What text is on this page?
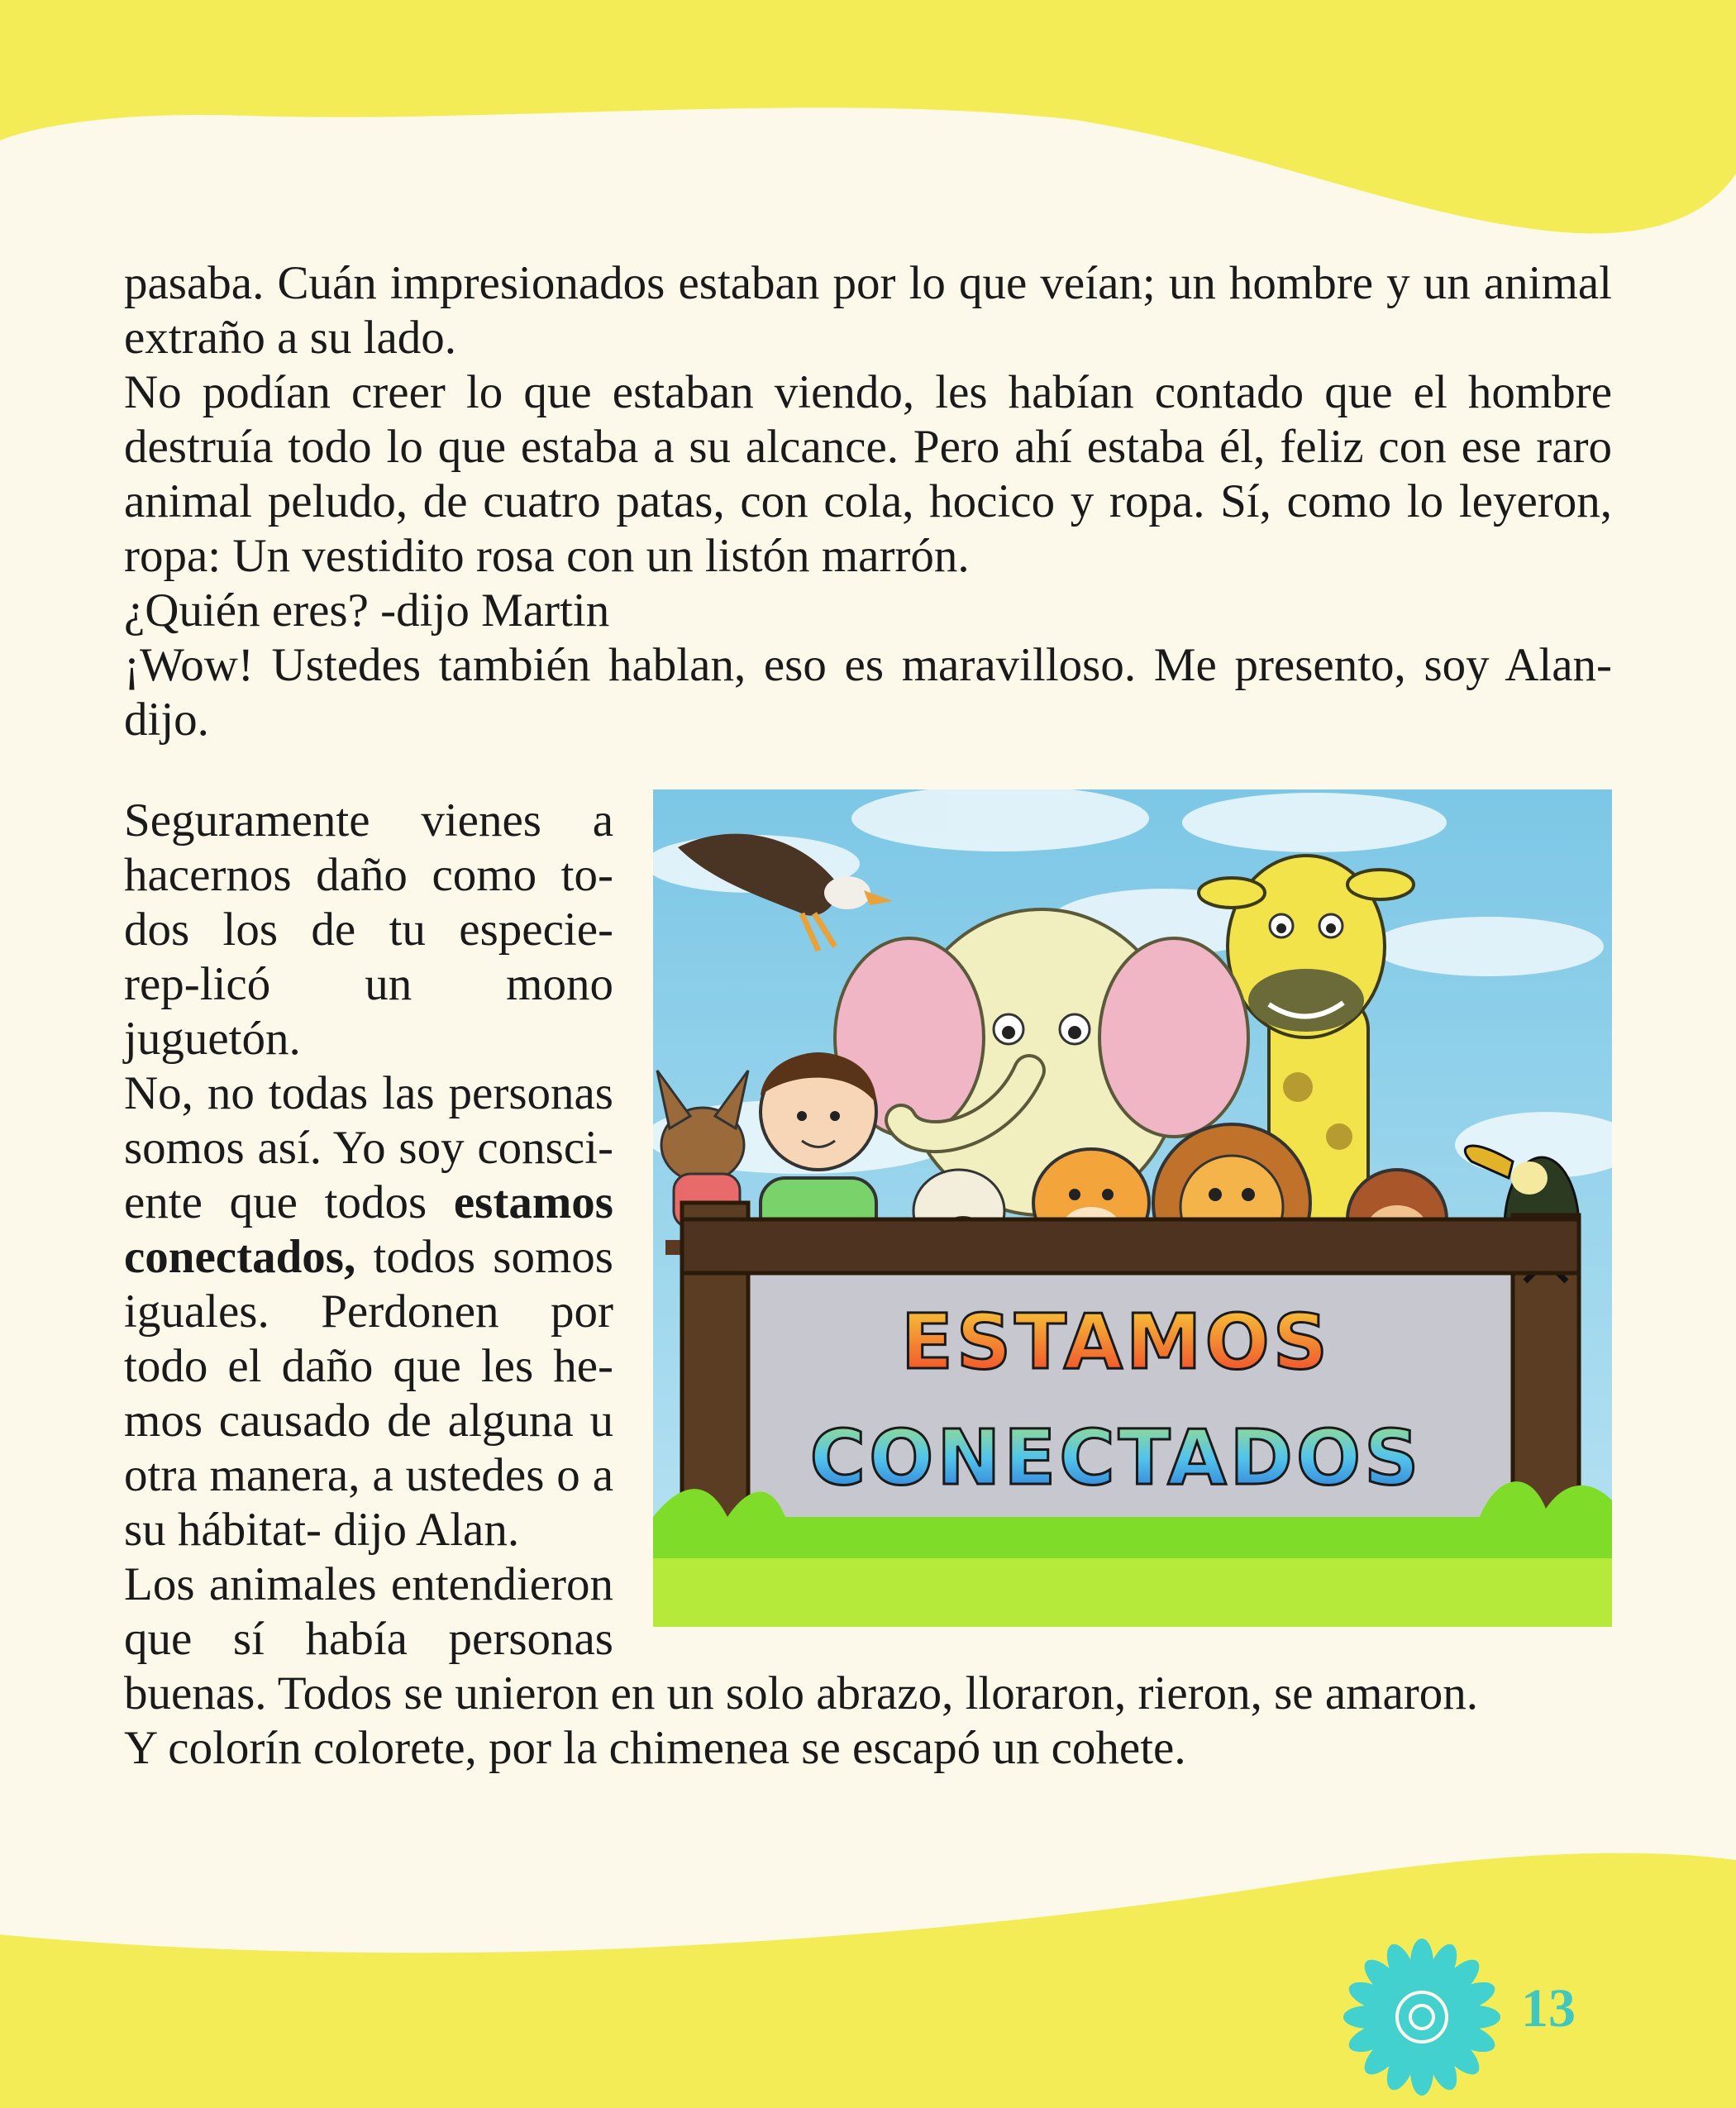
pasaba. Cuán impresionados estaban por lo que veían; un hombre y un animal extraño a su lado.

No podían creer lo que estaban viendo, les habían contado que el hombre destruía todo lo que estaba a su alcance. Pero ahí estaba él, feliz con ese raro animal peludo, de cuatro patas, con cola, hocico y ropa. Sí, como lo leyeron, ropa: Un vestidito rosa con un listón marrón.

¿Quién eres? -dijo Martin

¡Wow! Ustedes también hablan, eso es maravilloso. Me presento, soy Alan-dijo.

Seguramente vienes a hacernos daño como to-dos los de tu especie- rep-licó un mono juguetón.

No, no todas las personas somos así. Yo soy consci-ente que todos estamos conectados, todos somos iguales. Perdonen por todo el daño que les he-mos causado de alguna u otra manera, a ustedes o a su hábitat- dijo Alan.

Los animales entendieron que sí había personas

buenas. Todos se unieron en un solo abrazo, lloraron, rieron, se amaron.

Y colorín colorete, por la chimenea se escapó un cohete.

ESTAMOS
CONECTADOS
13
